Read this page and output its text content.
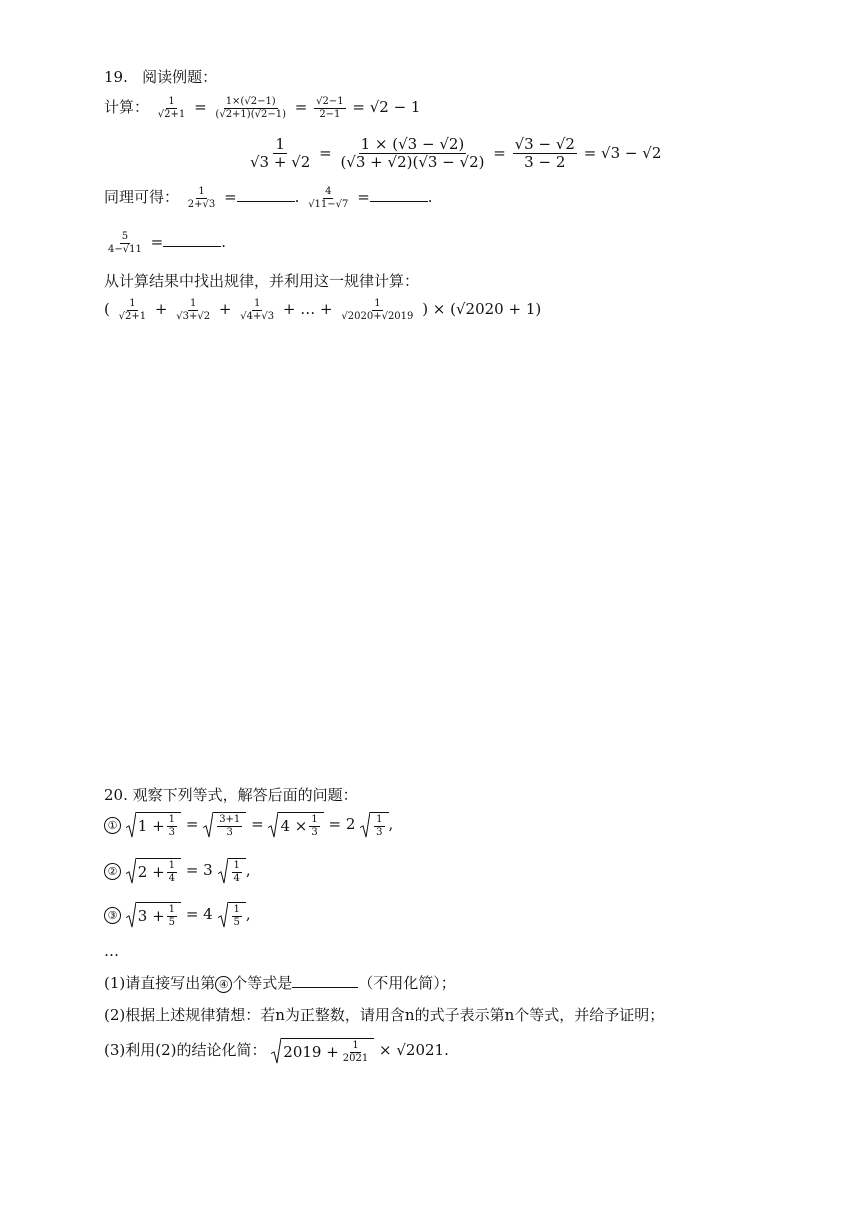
19. 阅读例题：
计算： $\frac{1}{√2+1} = \frac{1\times(√2-1)}{(√2+1)(√2-1)} = \frac{√2-1}{2-1} = √2 - 1$
$\frac{1}{√3 + √2} = \frac{1 \times (√3 - √2)}{(√3 + √2)(√3 - √2)} = \frac{√3 - √2}{3 - 2} = √3 - √2$
同理可得： $\frac{1}{2+√3}$ =	. $\frac{4}{√11-√7}$ =	.
$\frac{5}{4-√11}$ =	.
从计算结果中找出规律，并利用这一规律计算：
( $\frac{1}{√2+1} + \frac{1}{√3+√2} + \frac{1}{√4+√3}$ + … + $\frac{1}{√2020+√2019}$ ) × (√2020 + 1)
20. 观察下列等式，解答后面的问题：
① $1 + \frac{1}{3} = \frac{3+1}{3} = 4 \times \frac{1}{3} = 2 \frac{1}{3}$ ,
② $2 + \frac{1}{4} = 3 \frac{1}{4}$ ,
③ $3 + \frac{1}{5} = 4 \frac{1}{5}$ ,
…
(1)请直接写出第 ④ 个等式是	（不用化简）；
(2)根据上述规律猜想：若n为正整数，请用含n的式子表示第n个等式，并给予证明；
(3)利用(2)的结论化简： $2019 + \frac{1}{2021} \times √2021$.
